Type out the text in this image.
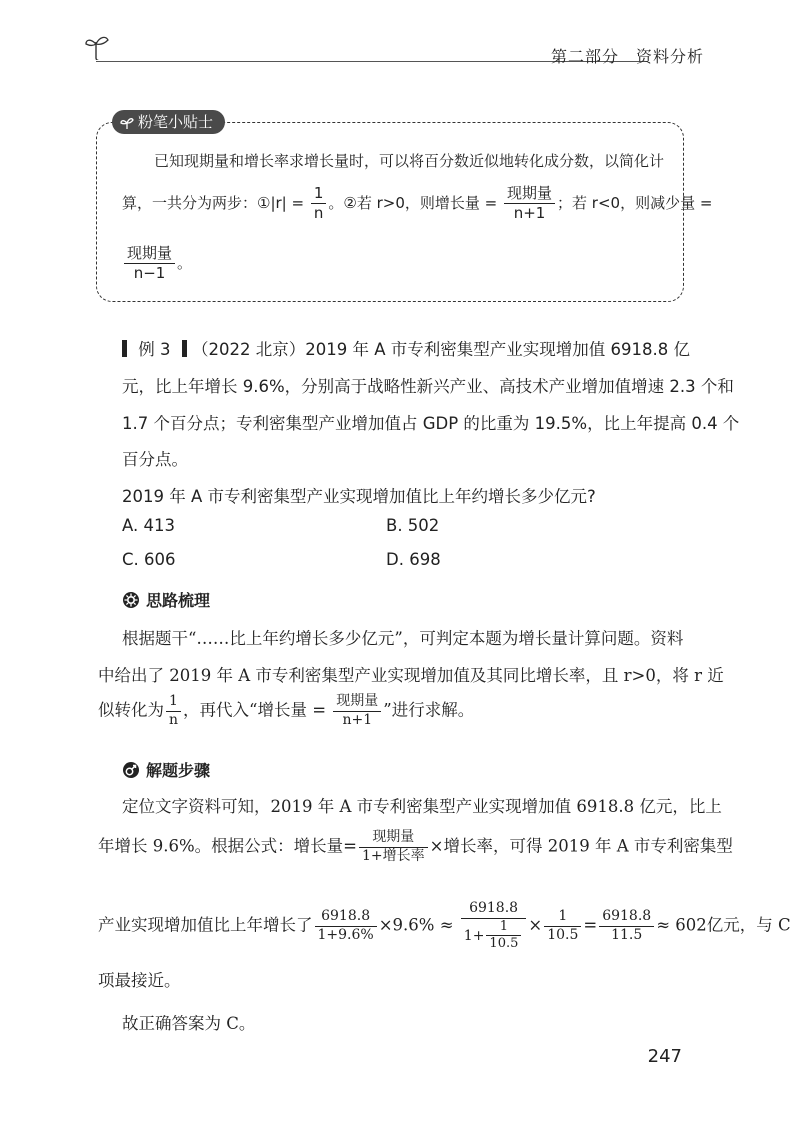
第二部分　资料分析
粉笔小贴士
已知现期量和增长率求增长量时，可以将百分数近似地转化成分数，以简化计
算，一共分为两步：①|r| = $\frac{1}{n}$ 。②若 r>0，则增长量 = $\frac{\text{现期量}}{n+1}$ ；若 r<0，则减少量 =
$\frac{\text{现期量}}{n-1}$ 。
例 3 （2022 北京）2019 年 A 市专利密集型产业实现增加值 6918.8 亿
元，比上年增长 9.6%，分别高于战略性新兴产业、高技术产业增加值增速 2.3 个和
1.7 个百分点；专利密集型产业增加值占 GDP 的比重为 19.5%，比上年提高 0.4 个
百分点。
2019 年 A 市专利密集型产业实现增加值比上年约增长多少亿元?
A. 413	B. 502
C. 606	D. 698
思路梳理
根据题干“……比上年约增长多少亿元”，可判定本题为增长量计算问题。资料
中给出了 2019 年 A 市专利密集型产业实现增加值及其同比增长率，且 r>0，将 r 近
似转化为 $\frac{1}{n}$ ，再代入“增长量 = $\frac{\text{现期量}}{n+1}$ ”进行求解。
解题步骤
定位文字资料可知，2019 年 A 市专利密集型产业实现增加值 6918.8 亿元，比上
年增长 9.6%。根据公式：增长量= $\frac{\text{现期量}}{\text{1+增长率}}$ ×增长率，可得 2019 年 A 市专利密集型
产业实现增加值比上年增长了 $\frac{6918.8}{1+9.6\%} \times 9.6\% \approx \frac{6918.8}{1+ \frac{1}{10.5}} \times \frac{1}{10.5} = \frac{6918.8}{11.5} \approx 602$亿元，与 C
项最接近。
故正确答案为 C。
247
